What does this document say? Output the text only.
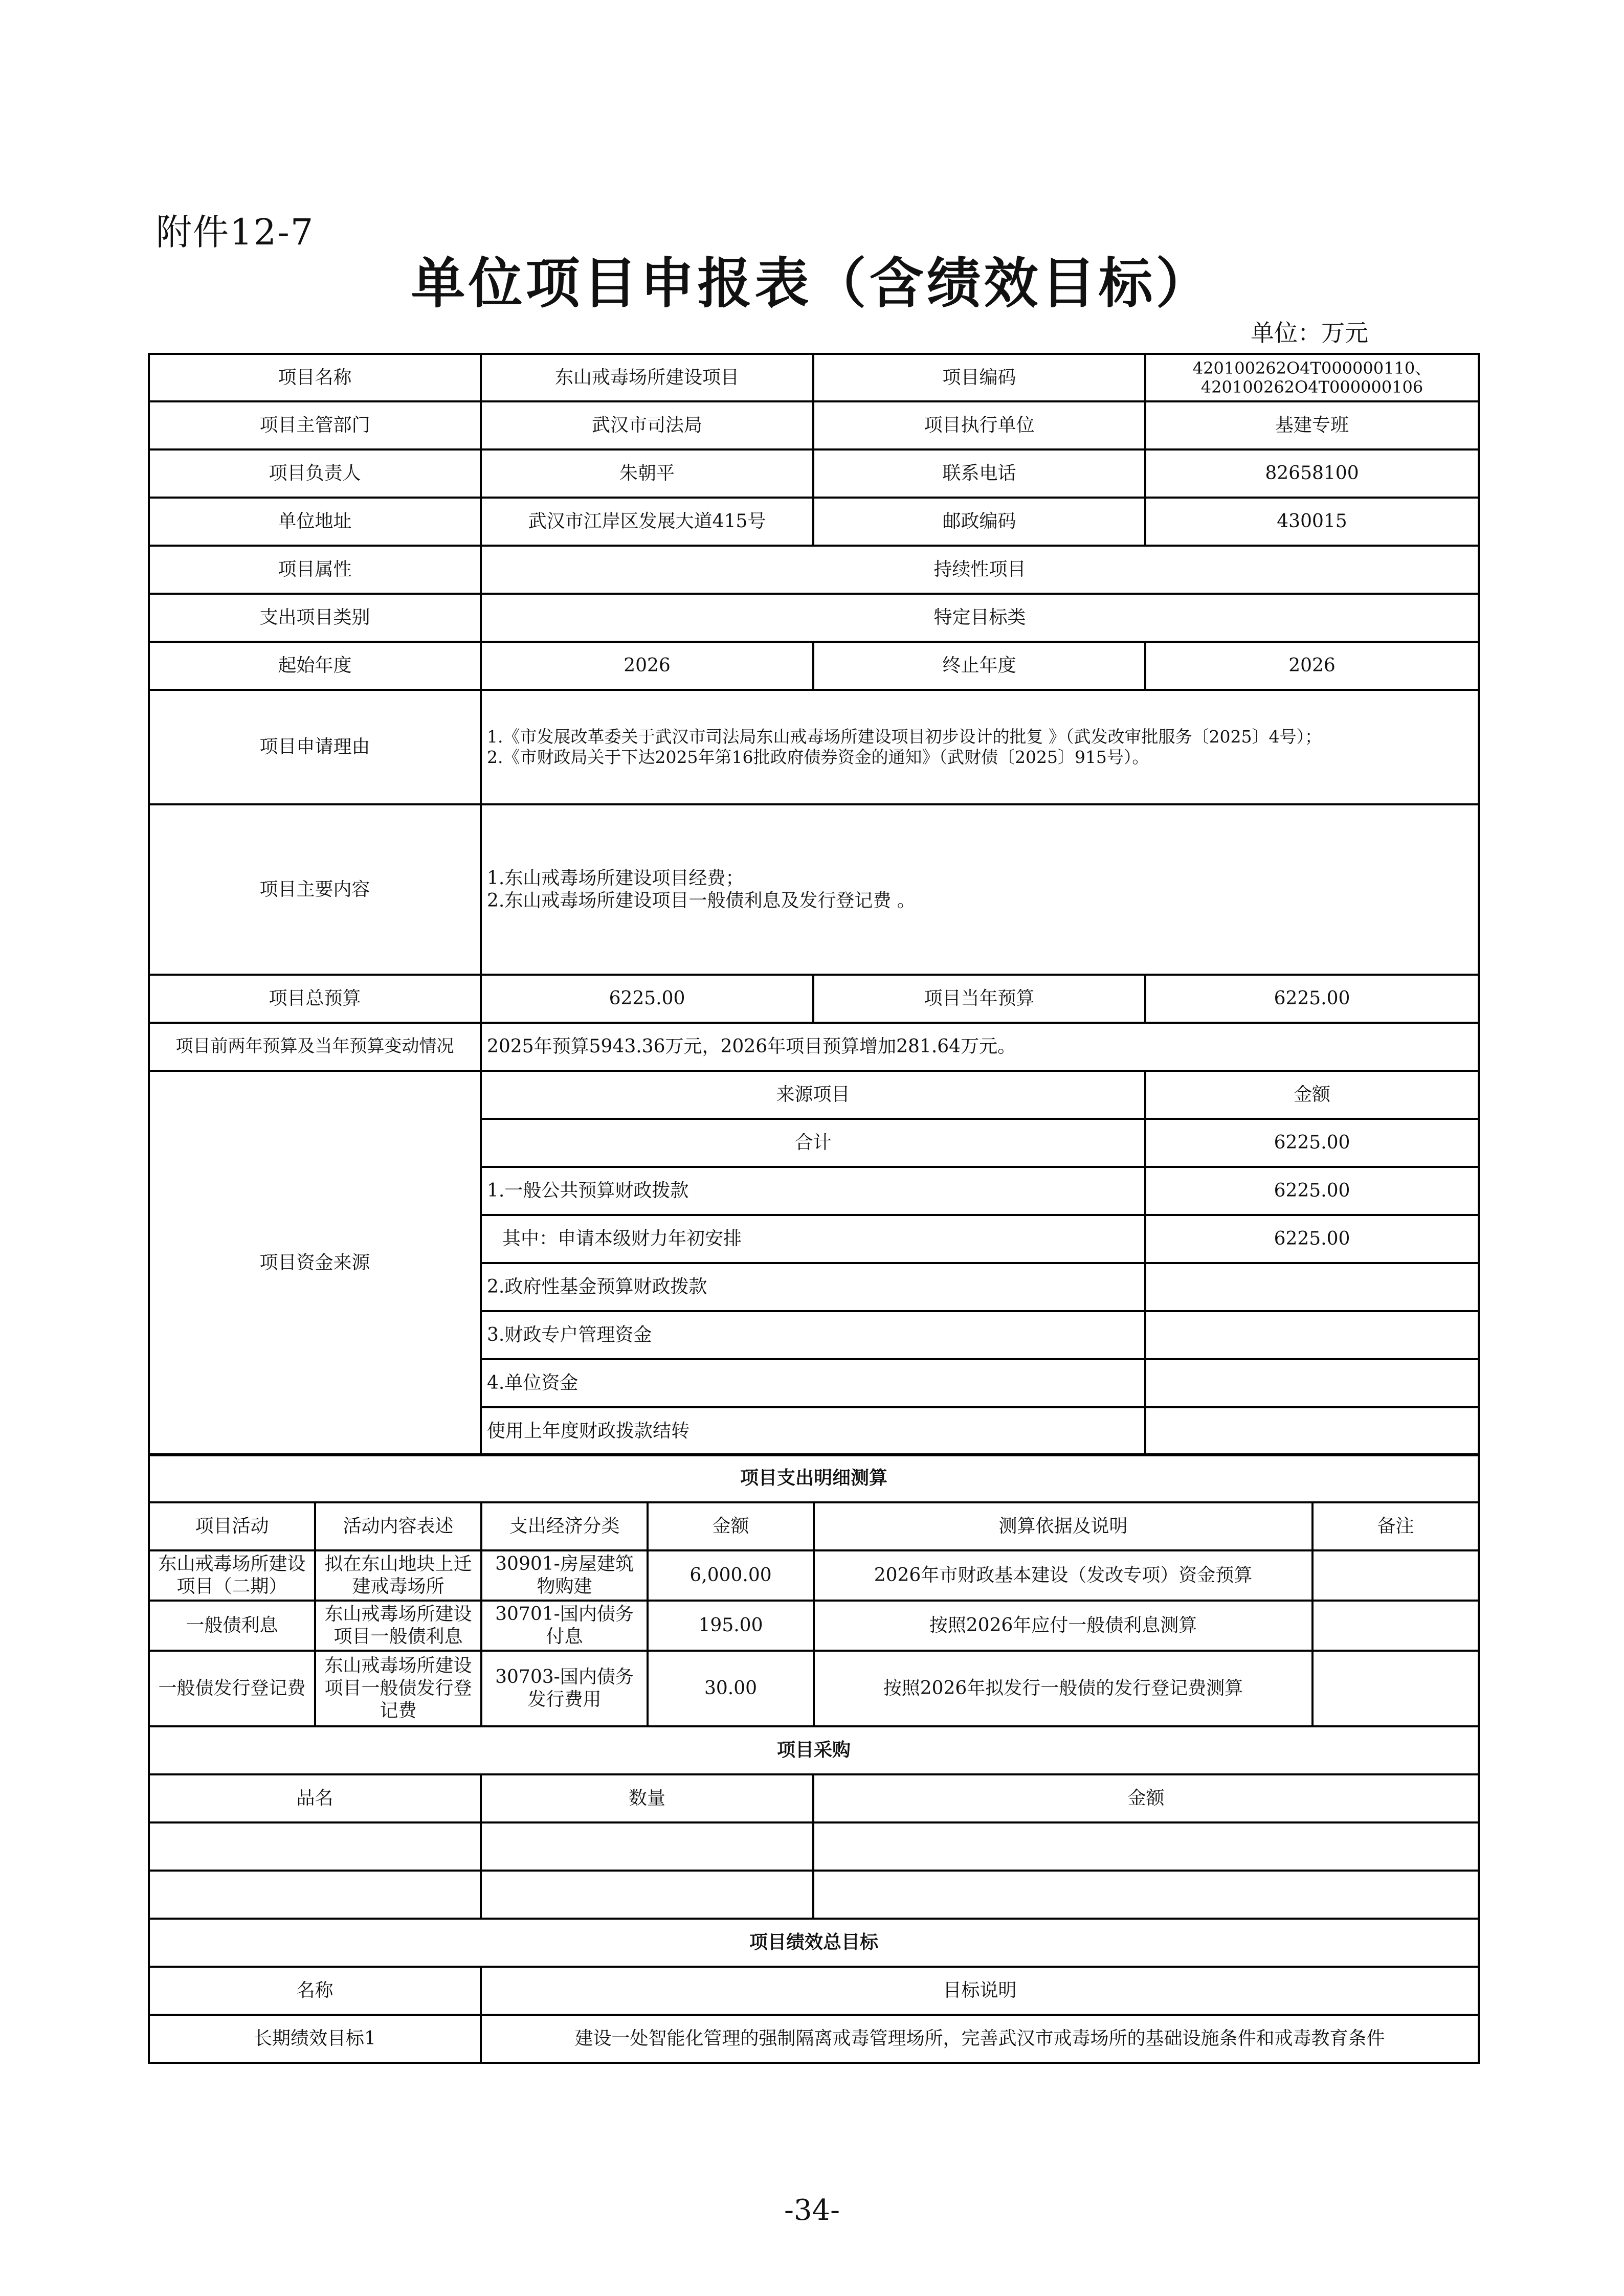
附件12-7
单位项目申报表（含绩效目标）
单位：万元
项目名称	东山戒毒场所建设项目	项目编码	420100262O4T000000110、
420100262O4T000000106

项目主管部门	武汉市司法局	项目执行单位	基建专班
项目负责人	朱朝平	联系电话	82658100
单位地址	武汉市江岸区发展大道415号	邮政编码	430015
项目属性	持续性项目		
支出项目类别	特定目标类		
起始年度	2026	终止年度	2026
项目申请理由	1.《市发展改革委关于武汉市司法局东山戒毒场所建设项目初步设计的批复 》（武发改审批服务〔2025〕4号）；
2.《市财政局关于下达2025年第16批政府债券资金的通知》（武财债〔2025〕915号）。		

项目主要内容	1.东山戒毒场所建设项目经费；
2.东山戒毒场所建设项目一般债利息及发行登记费 。		

项目总预算	6225.00	项目当年预算	6225.00
项目前两年预算及当年预算变动情况	2025年预算5943.36万元，2026年项目预算增加281.64万元。		
项目资金来源	来源项目		金额
	合计		6225.00
	1.一般公共预算财政拨款		6225.00
	其中：申请本级财力年初安排		6225.00
	2.政府性基金预算财政拨款		
	3.财政专户管理资金		
	4.单位资金		
	使用上年度财政拨款结转		
项目支出明细测算					
项目活动	活动内容表述	支出经济分类	金额	测算依据及说明	备注
东山戒毒场所建设项目（二期）	拟在东山地块上迁建戒毒场所	30901-房屋建筑物购建	6,000.00	2026年市财政基本建设（发改专项）资金预算	
一般债利息	东山戒毒场所建设项目一般债利息	30701-国内债务付息	195.00	按照2026年应付一般债利息测算	
一般债发行登记费	东山戒毒场所建设项目一般债发行登记费	30703-国内债务发行费用	30.00	按照2026年拟发行一般债的发行登记费测算	
项目采购		
品名	数量	金额

项目绩效总目标		
名称	目标说明	
长期绩效目标1	建设一处智能化管理的强制隔离戒毒管理场所，完善武汉市戒毒场所的基础设施条件和戒毒教育条件	
-34-
